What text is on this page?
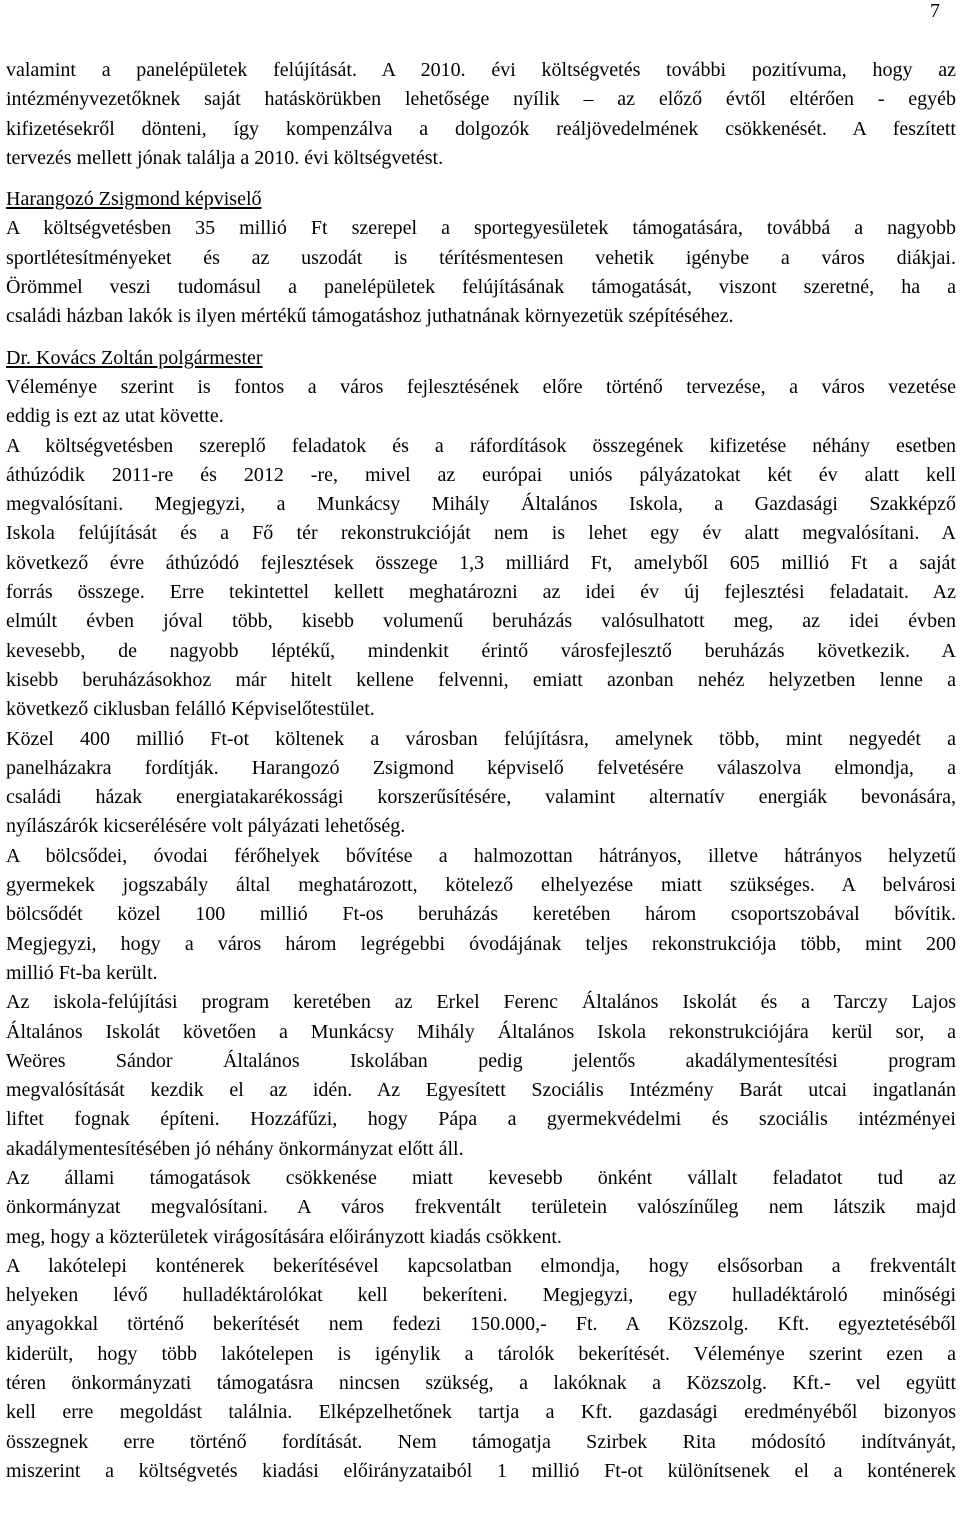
7
valamint a panelépületek felújítását. A 2010. évi költségvetés további pozitívuma, hogy az
intézményvezetőknek saját hatáskörükben lehetősége nyílik – az előző évtől eltérően - egyéb
kifizetésekről dönteni, így kompenzálva a dolgozók reáljövedelmének csökkenését. A feszített
tervezés mellett jónak találja a 2010. évi költségvetést.
Harangozó Zsigmond képviselő
A költségvetésben 35 millió Ft szerepel a sportegyesületek támogatására, továbbá a nagyobb
sportlétesítményeket és az uszodát is térítésmentesen vehetik igénybe a város diákjai.
Örömmel veszi tudomásul a panelépületek felújításának támogatását, viszont szeretné, ha a
családi házban lakók is ilyen mértékű támogatáshoz juthatnának környezetük szépítéséhez.
Dr. Kovács Zoltán polgármester
Véleménye szerint is fontos a város fejlesztésének előre történő tervezése, a város vezetése
eddig is ezt az utat követte.
A költségvetésben szereplő feladatok és a ráfordítások összegének kifizetése néhány esetben
áthúzódik 2011-re és 2012 -re, mivel az európai uniós pályázatokat két év alatt kell
megvalósítani. Megjegyzi, a Munkácsy Mihály Általános Iskola, a Gazdasági Szakképző
Iskola felújítását és a Fő tér rekonstrukcióját nem is lehet egy év alatt megvalósítani. A
következő évre áthúzódó fejlesztések összege 1,3 milliárd Ft, amelyből 605 millió Ft a saját
forrás összege. Erre tekintettel kellett meghatározni az idei év új fejlesztési feladatait. Az
elmúlt évben jóval több, kisebb volumenű beruházás valósulhatott meg, az idei évben
kevesebb, de nagyobb léptékű, mindenkit érintő városfejlesztő beruházás következik. A
kisebb beruházásokhoz már hitelt kellene felvenni, emiatt azonban nehéz helyzetben lenne a
következő ciklusban felálló Képviselőtestület.
Közel 400 millió Ft-ot költenek a városban felújításra, amelynek több, mint negyedét a
panelházakra fordítják. Harangozó Zsigmond képviselő felvetésére válaszolva elmondja, a
családi házak energiatakarékossági korszerűsítésére, valamint alternatív energiák bevonására,
nyílászárók kicserélésére volt pályázati lehetőség.
A bölcsődei, óvodai férőhelyek bővítése a halmozottan hátrányos, illetve hátrányos helyzetű
gyermekek jogszabály által meghatározott, kötelező elhelyezése miatt szükséges. A belvárosi
bölcsődét közel 100 millió Ft-os beruházás keretében három csoportszobával bővítik.
Megjegyzi, hogy a város három legrégebbi óvodájának teljes rekonstrukciója több, mint 200
millió Ft-ba került.
Az iskola-felújítási program keretében az Erkel Ferenc Általános Iskolát és a Tarczy Lajos
Általános Iskolát követően a Munkácsy Mihály Általános Iskola rekonstrukciójára kerül sor, a
Weöres Sándor Általános Iskolában pedig jelentős akadálymentesítési program
megvalósítását kezdik el az idén. Az Egyesített Szociális Intézmény Barát utcai ingatlanán
liftet fognak építeni. Hozzáfűzi, hogy Pápa a gyermekvédelmi és szociális intézményei
akadálymentesítésében jó néhány önkormányzat előtt áll.
Az állami támogatások csökkenése miatt kevesebb önként vállalt feladatot tud az
önkormányzat megvalósítani. A város frekventált területein valószínűleg nem látszik majd
meg, hogy a közterületek virágosítására előirányzott kiadás csökkent.
A lakótelepi konténerek bekerítésével kapcsolatban elmondja, hogy elsősorban a frekventált
helyeken lévő hulladéktárolókat kell bekeríteni. Megjegyzi, egy hulladéktároló minőségi
anyagokkal történő bekerítését nem fedezi 150.000,- Ft. A Közszolg. Kft. egyeztetéséből
kiderült, hogy több lakótelepen is igénylik a tárolók bekerítését. Véleménye szerint ezen a
téren önkormányzati támogatásra nincsen szükség, a lakóknak a Közszolg. Kft.- vel együtt
kell erre megoldást találnia. Elképzelhetőnek tartja a Kft. gazdasági eredményéből bizonyos
összegnek erre történő fordítását. Nem támogatja Szirbek Rita módosító indítványát,
miszerint a költségvetés kiadási előirányzataiból 1 millió Ft-ot különítsenek el a konténerek
